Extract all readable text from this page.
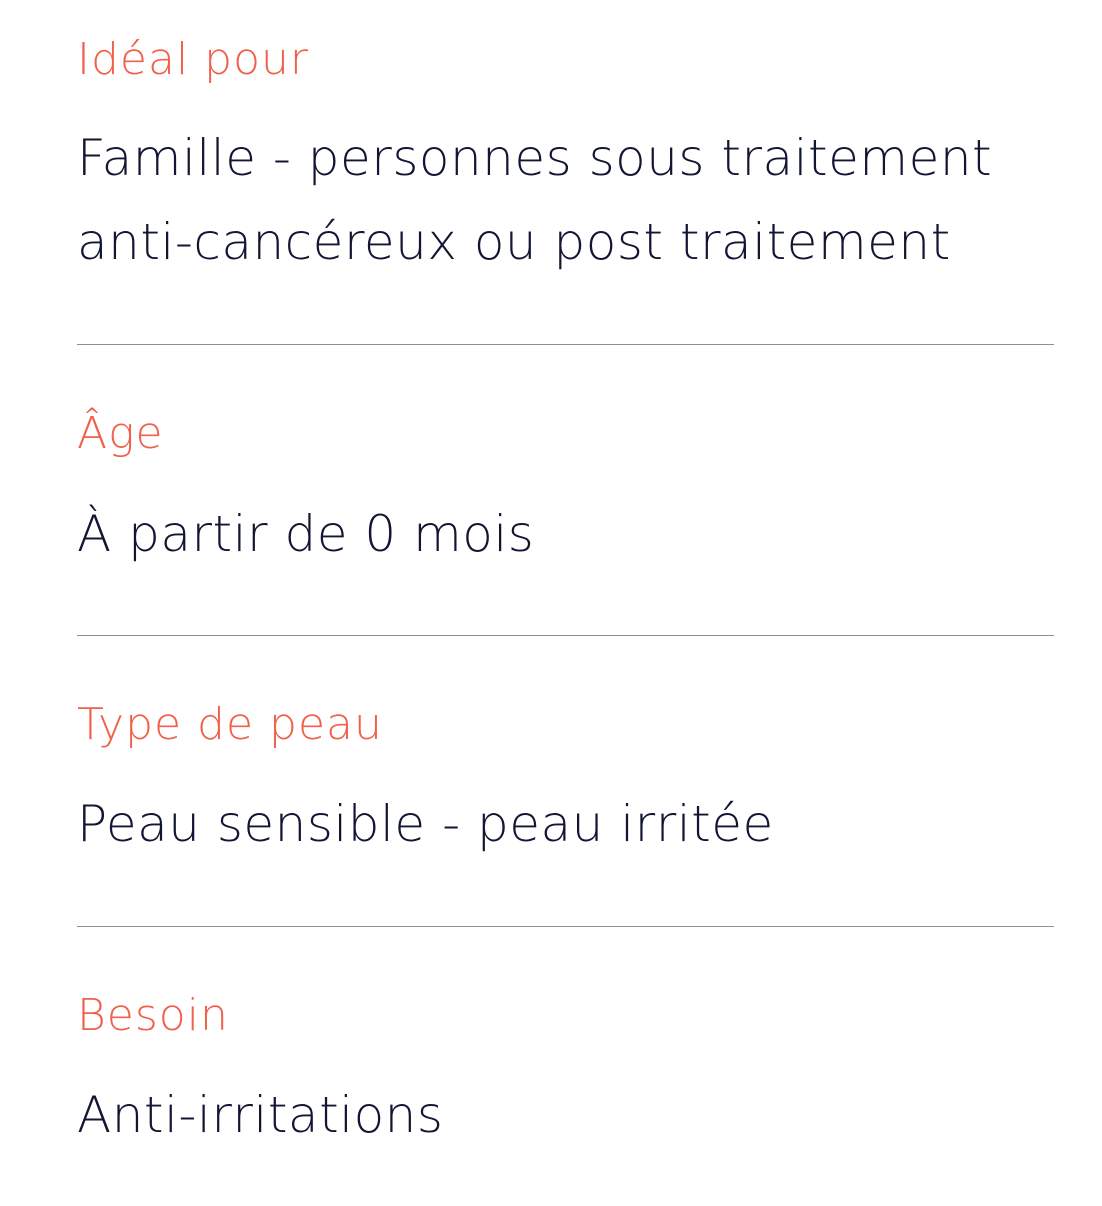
Idéal pour
Famille - personnes sous traitement anti-cancéreux ou post traitement
Âge
À partir de 0 mois
Type de peau
Peau sensible - peau irritée
Besoin
Anti-irritations
